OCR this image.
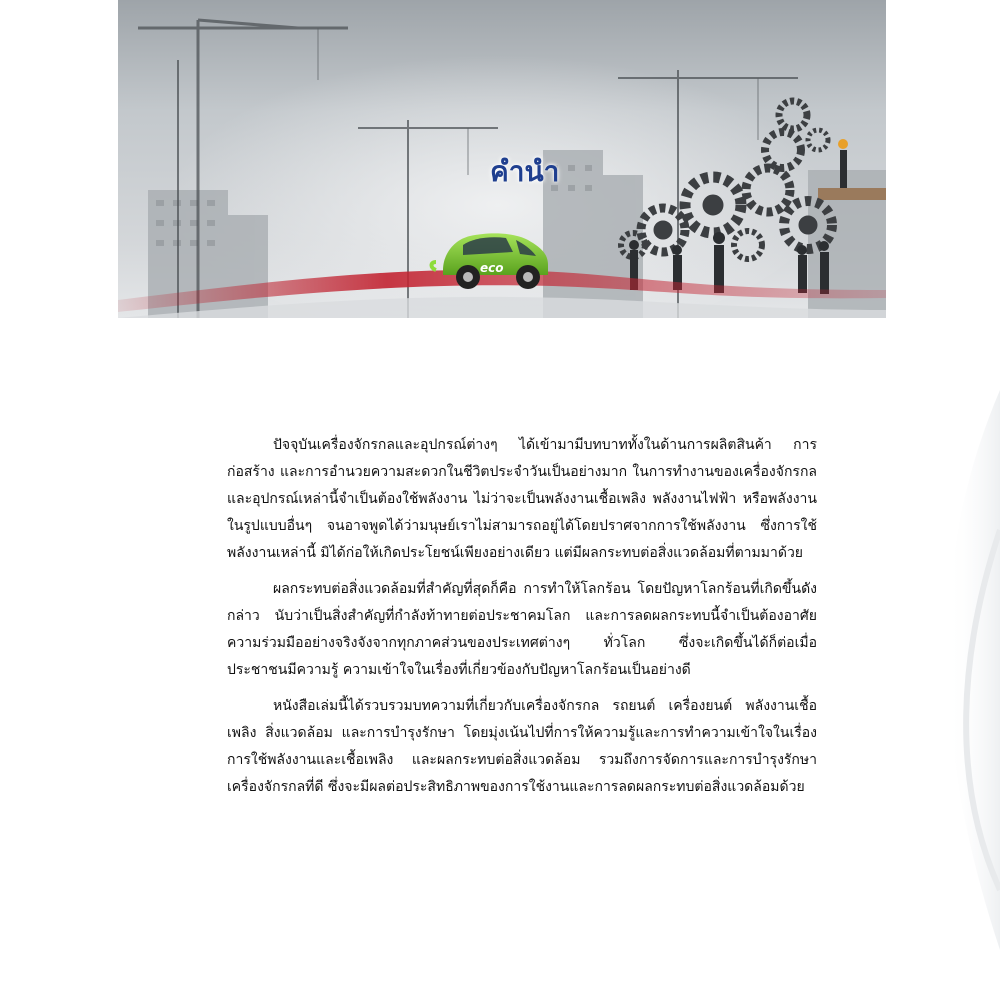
eco
คำนำ

ปัจจุบันเครื่องจักรกลและอุปกรณ์ต่างๆ ได้เข้ามามีบทบาททั้งในด้านการผลิตสินค้า การก่อสร้าง และการอำนวยความสะดวกในชีวิตประจำวันเป็นอย่างมาก ในการทำงานของเครื่องจักรกลและอุปกรณ์เหล่านี้จำเป็นต้องใช้พลังงาน ไม่ว่าจะเป็นพลังงานเชื้อเพลิง พลังงานไฟฟ้า หรือพลังงานในรูปแบบอื่นๆ จนอาจพูดได้ว่ามนุษย์เราไม่สามารถอยู่ได้โดยปราศจากการใช้พลังงาน ซึ่งการใช้พลังงานเหล่านี้ มิได้ก่อให้เกิดประโยชน์เพียงอย่างเดียว แต่มีผลกระทบต่อสิ่งแวดล้อมที่ตามมาด้วย

ผลกระทบต่อสิ่งแวดล้อมที่สำคัญที่สุดก็คือ การทำให้โลกร้อน โดยปัญหาโลกร้อนที่เกิดขึ้นดังกล่าว นับว่าเป็นสิ่งสำคัญที่กำลังท้าทายต่อประชาคมโลก และการลดผลกระทบนี้จำเป็นต้องอาศัยความร่วมมืออย่างจริงจังจากทุกภาคส่วนของประเทศต่างๆ ทั่วโลก ซึ่งจะเกิดขึ้นได้ก็ต่อเมื่อประชาชนมีความรู้ ความเข้าใจในเรื่องที่เกี่ยวข้องกับปัญหาโลกร้อนเป็นอย่างดี

หนังสือเล่มนี้ได้รวบรวมบทความที่เกี่ยวกับเครื่องจักรกล รถยนต์ เครื่องยนต์ พลังงานเชื้อเพลิง สิ่งแวดล้อม และการบำรุงรักษา โดยมุ่งเน้นไปที่การให้ความรู้และการทำความเข้าใจในเรื่องการใช้พลังงานและเชื้อเพลิง และผลกระทบต่อสิ่งแวดล้อม รวมถึงการจัดการและการบำรุงรักษาเครื่องจักรกลที่ดี ซึ่งจะมีผลต่อประสิทธิภาพของการใช้งานและการลดผลกระทบต่อสิ่งแวดล้อมด้วย
